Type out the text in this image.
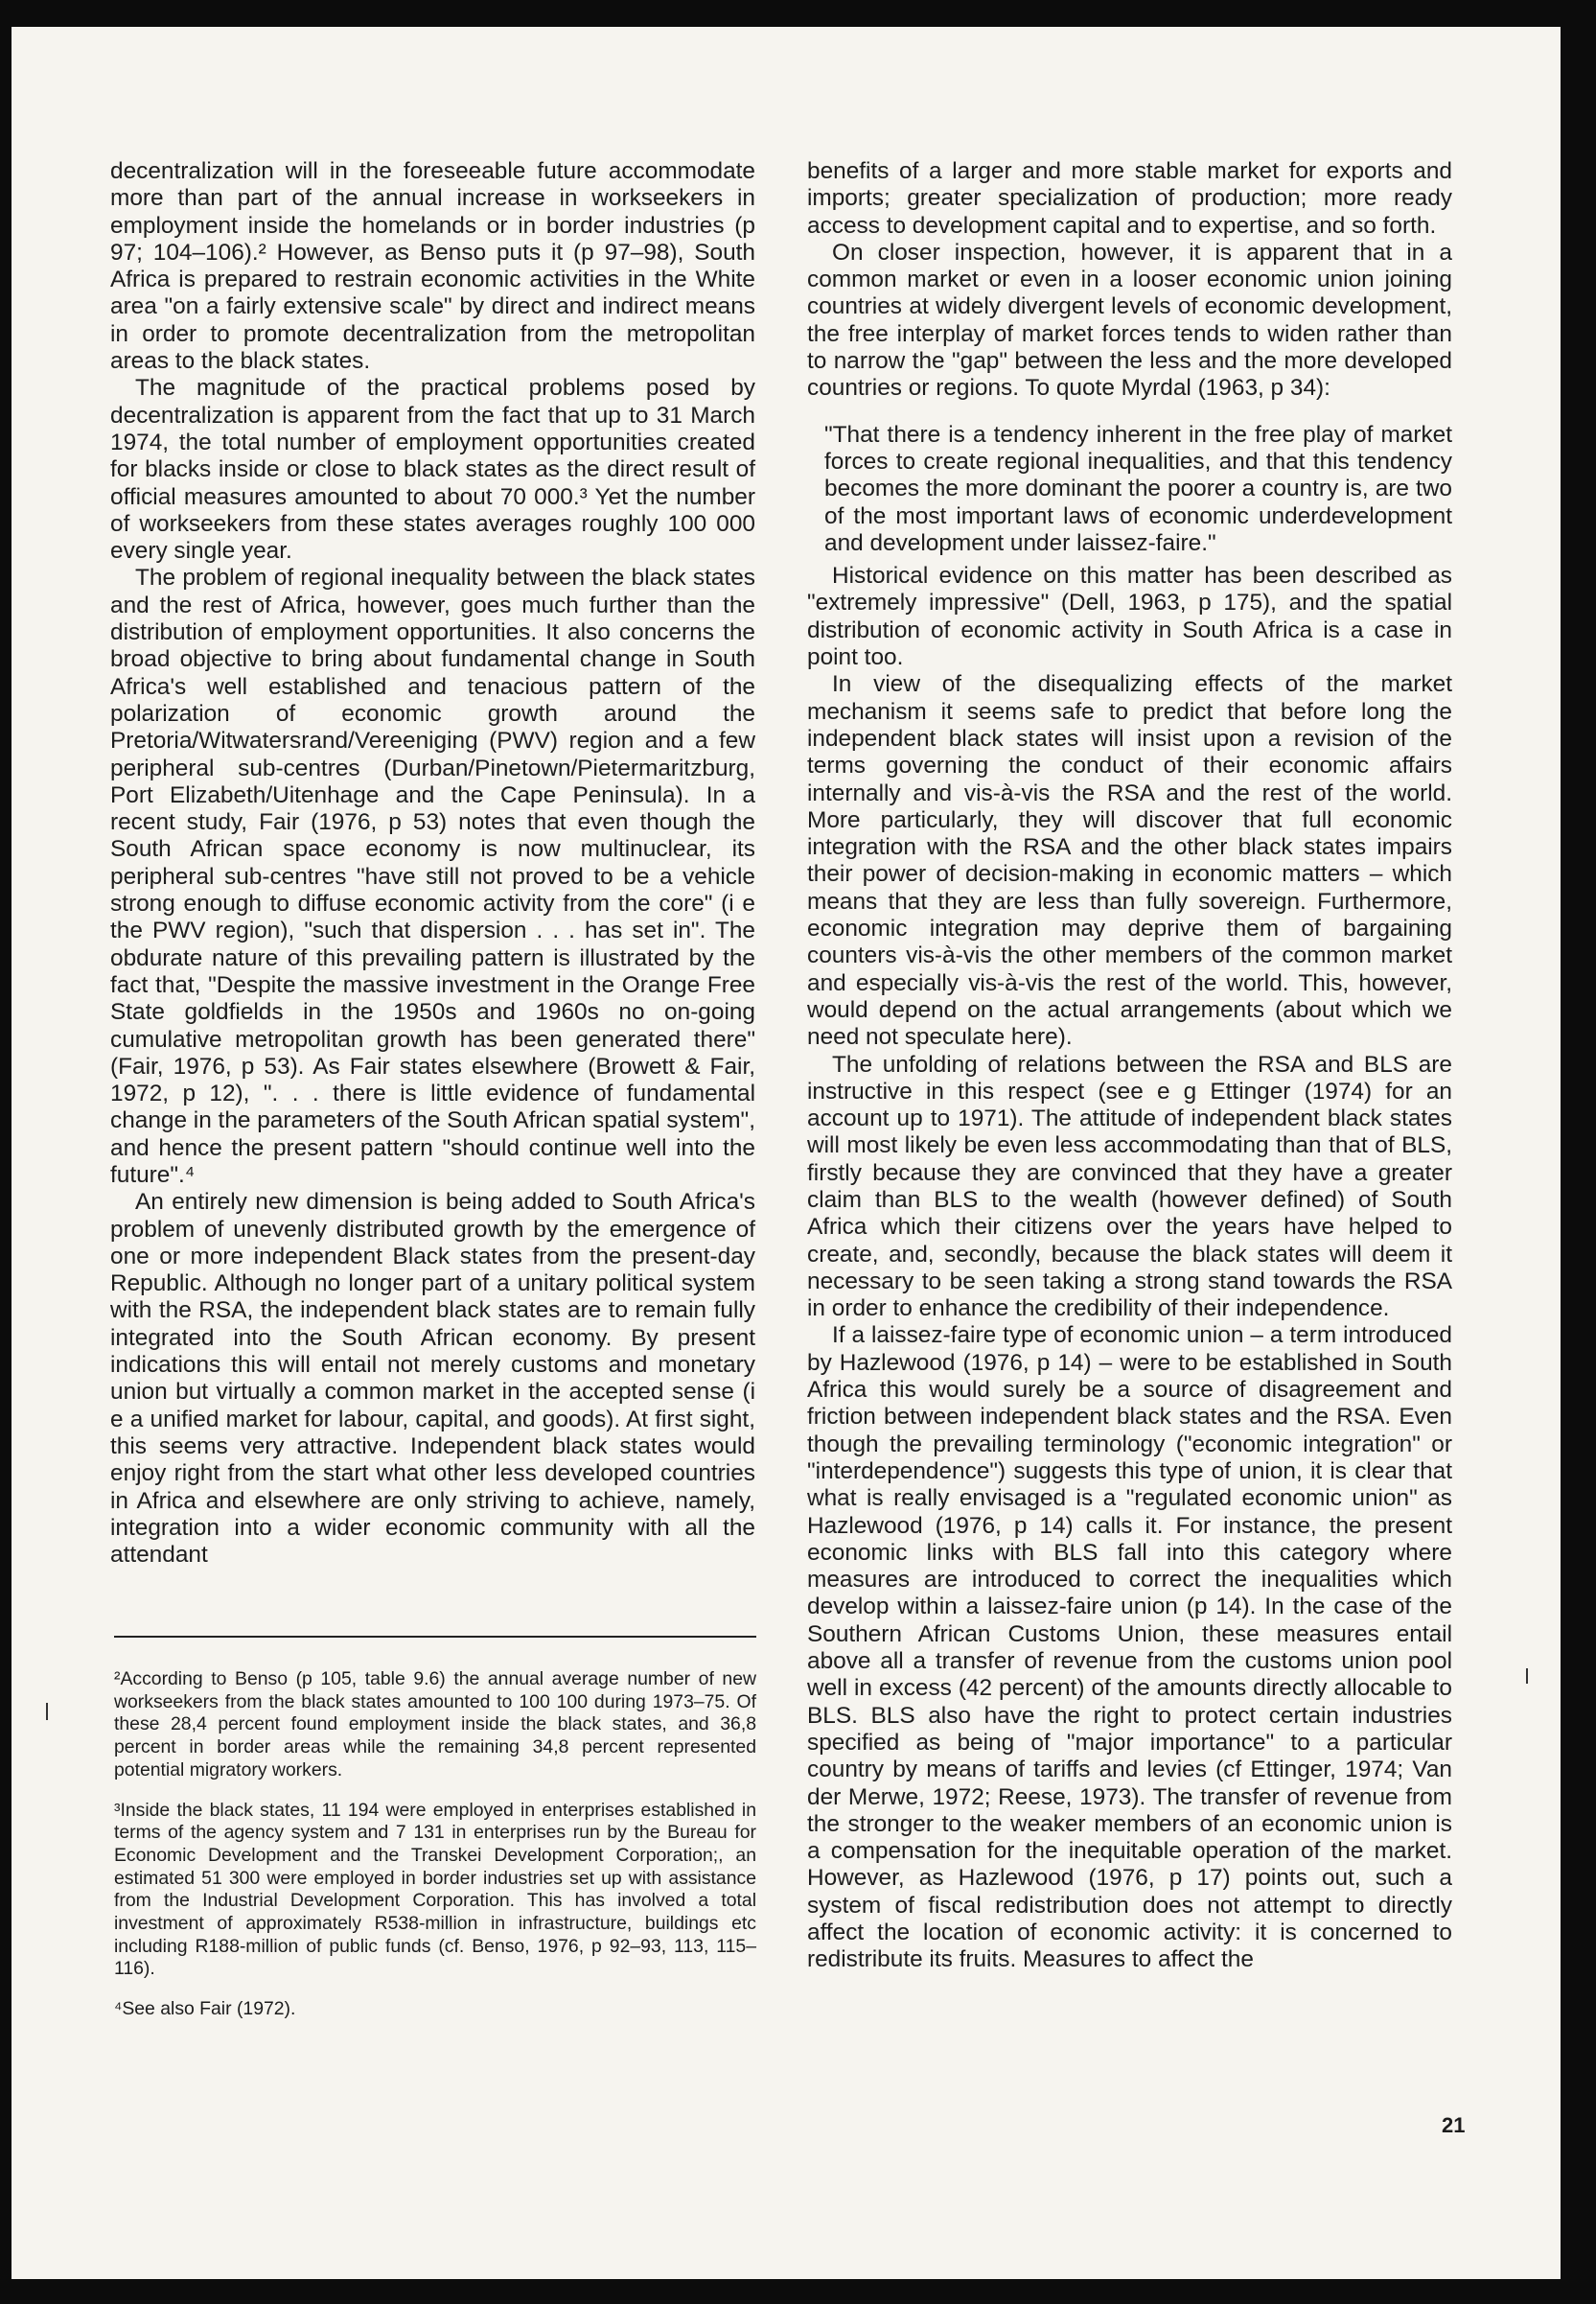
decentralization will in the foreseeable future accommodate more than part of the annual increase in workseekers in employment inside the homelands or in border industries (p 97; 104–106).² However, as Benso puts it (p 97–98), South Africa is prepared to restrain economic activities in the White area "on a fairly extensive scale" by direct and indirect means in order to promote decentralization from the metropolitan areas to the black states.

The magnitude of the practical problems posed by decentralization is apparent from the fact that up to 31 March 1974, the total number of employment opportunities created for blacks inside or close to black states as the direct result of official measures amounted to about 70 000.³ Yet the number of workseekers from these states averages roughly 100 000 every single year.

The problem of regional inequality between the black states and the rest of Africa, however, goes much further than the distribution of employment opportunities. It also concerns the broad objective to bring about fundamental change in South Africa's well established and tenacious pattern of the polarization of economic growth around the Pretoria/Witwatersrand/Vereeniging (PWV) region and a few peripheral sub-centres (Durban/Pinetown/Pietermaritzburg, Port Elizabeth/Uitenhage and the Cape Peninsula). In a recent study, Fair (1976, p 53) notes that even though the South African space economy is now multinuclear, its peripheral sub-centres "have still not proved to be a vehicle strong enough to diffuse economic activity from the core" (i e the PWV region), "such that dispersion . . . has set in". The obdurate nature of this prevailing pattern is illustrated by the fact that, "Despite the massive investment in the Orange Free State goldfields in the 1950s and 1960s no on-going cumulative metropolitan growth has been generated there" (Fair, 1976, p 53). As Fair states elsewhere (Browett & Fair, 1972, p 12), ". . . there is little evidence of fundamental change in the parameters of the South African spatial system", and hence the present pattern "should continue well into the future".⁴

An entirely new dimension is being added to South Africa's problem of unevenly distributed growth by the emergence of one or more independent Black states from the present-day Republic. Although no longer part of a unitary political system with the RSA, the independent black states are to remain fully integrated into the South African economy. By present indications this will entail not merely customs and monetary union but virtually a common market in the accepted sense (i e a unified market for labour, capital, and goods). At first sight, this seems very attractive. Independent black states would enjoy right from the start what other less developed countries in Africa and elsewhere are only striving to achieve, namely, integration into a wider economic community with all the attendant

²According to Benso (p 105, table 9.6) the annual average number of new workseekers from the black states amounted to 100 100 during 1973–75. Of these 28,4 percent found employment inside the black states, and 36,8 percent in border areas while the remaining 34,8 percent represented potential migratory workers.

³Inside the black states, 11 194 were employed in enterprises established in terms of the agency system and 7 131 in enterprises run by the Bureau for Economic Development and the Transkei Development Corporation;, an estimated 51 300 were employed in border industries set up with assistance from the Industrial Development Corporation. This has involved a total investment of approximately R538-million in infrastructure, buildings etc including R188-million of public funds (cf. Benso, 1976, p 92–93, 113, 115–116).

⁴See also Fair (1972).

benefits of a larger and more stable market for exports and imports; greater specialization of production; more ready access to development capital and to expertise, and so forth.

On closer inspection, however, it is apparent that in a common market or even in a looser economic union joining countries at widely divergent levels of economic development, the free interplay of market forces tends to widen rather than to narrow the "gap" between the less and the more developed countries or regions. To quote Myrdal (1963, p 34):

"That there is a tendency inherent in the free play of market forces to create regional inequalities, and that this tendency becomes the more dominant the poorer a country is, are two of the most important laws of economic underdevelopment and development under laissez-faire."

Historical evidence on this matter has been described as "extremely impressive" (Dell, 1963, p 175), and the spatial distribution of economic activity in South Africa is a case in point too.

In view of the disequalizing effects of the market mechanism it seems safe to predict that before long the independent black states will insist upon a revision of the terms governing the conduct of their economic affairs internally and vis-à-vis the RSA and the rest of the world. More particularly, they will discover that full economic integration with the RSA and the other black states impairs their power of decision-making in economic matters – which means that they are less than fully sovereign. Furthermore, economic integration may deprive them of bargaining counters vis-à-vis the other members of the common market and especially vis-à-vis the rest of the world. This, however, would depend on the actual arrangements (about which we need not speculate here).

The unfolding of relations between the RSA and BLS are instructive in this respect (see e g Ettinger (1974) for an account up to 1971). The attitude of independent black states will most likely be even less accommodating than that of BLS, firstly because they are convinced that they have a greater claim than BLS to the wealth (however defined) of South Africa which their citizens over the years have helped to create, and, secondly, because the black states will deem it necessary to be seen taking a strong stand towards the RSA in order to enhance the credibility of their independence.

If a laissez-faire type of economic union – a term introduced by Hazlewood (1976, p 14) – were to be established in South Africa this would surely be a source of disagreement and friction between independent black states and the RSA. Even though the prevailing terminology ("economic integration" or "interdependence") suggests this type of union, it is clear that what is really envisaged is a "regulated economic union" as Hazlewood (1976, p 14) calls it. For instance, the present economic links with BLS fall into this category where measures are introduced to correct the inequalities which develop within a laissez-faire union (p 14). In the case of the Southern African Customs Union, these measures entail above all a transfer of revenue from the customs union pool well in excess (42 percent) of the amounts directly allocable to BLS. BLS also have the right to protect certain industries specified as being of "major importance" to a particular country by means of tariffs and levies (cf Ettinger, 1974; Van der Merwe, 1972; Reese, 1973). The transfer of revenue from the stronger to the weaker members of an economic union is a compensation for the inequitable operation of the market. However, as Hazlewood (1976, p 17) points out, such a system of fiscal redistribution does not attempt to directly affect the location of economic activity: it is concerned to redistribute its fruits. Measures to affect the

21
